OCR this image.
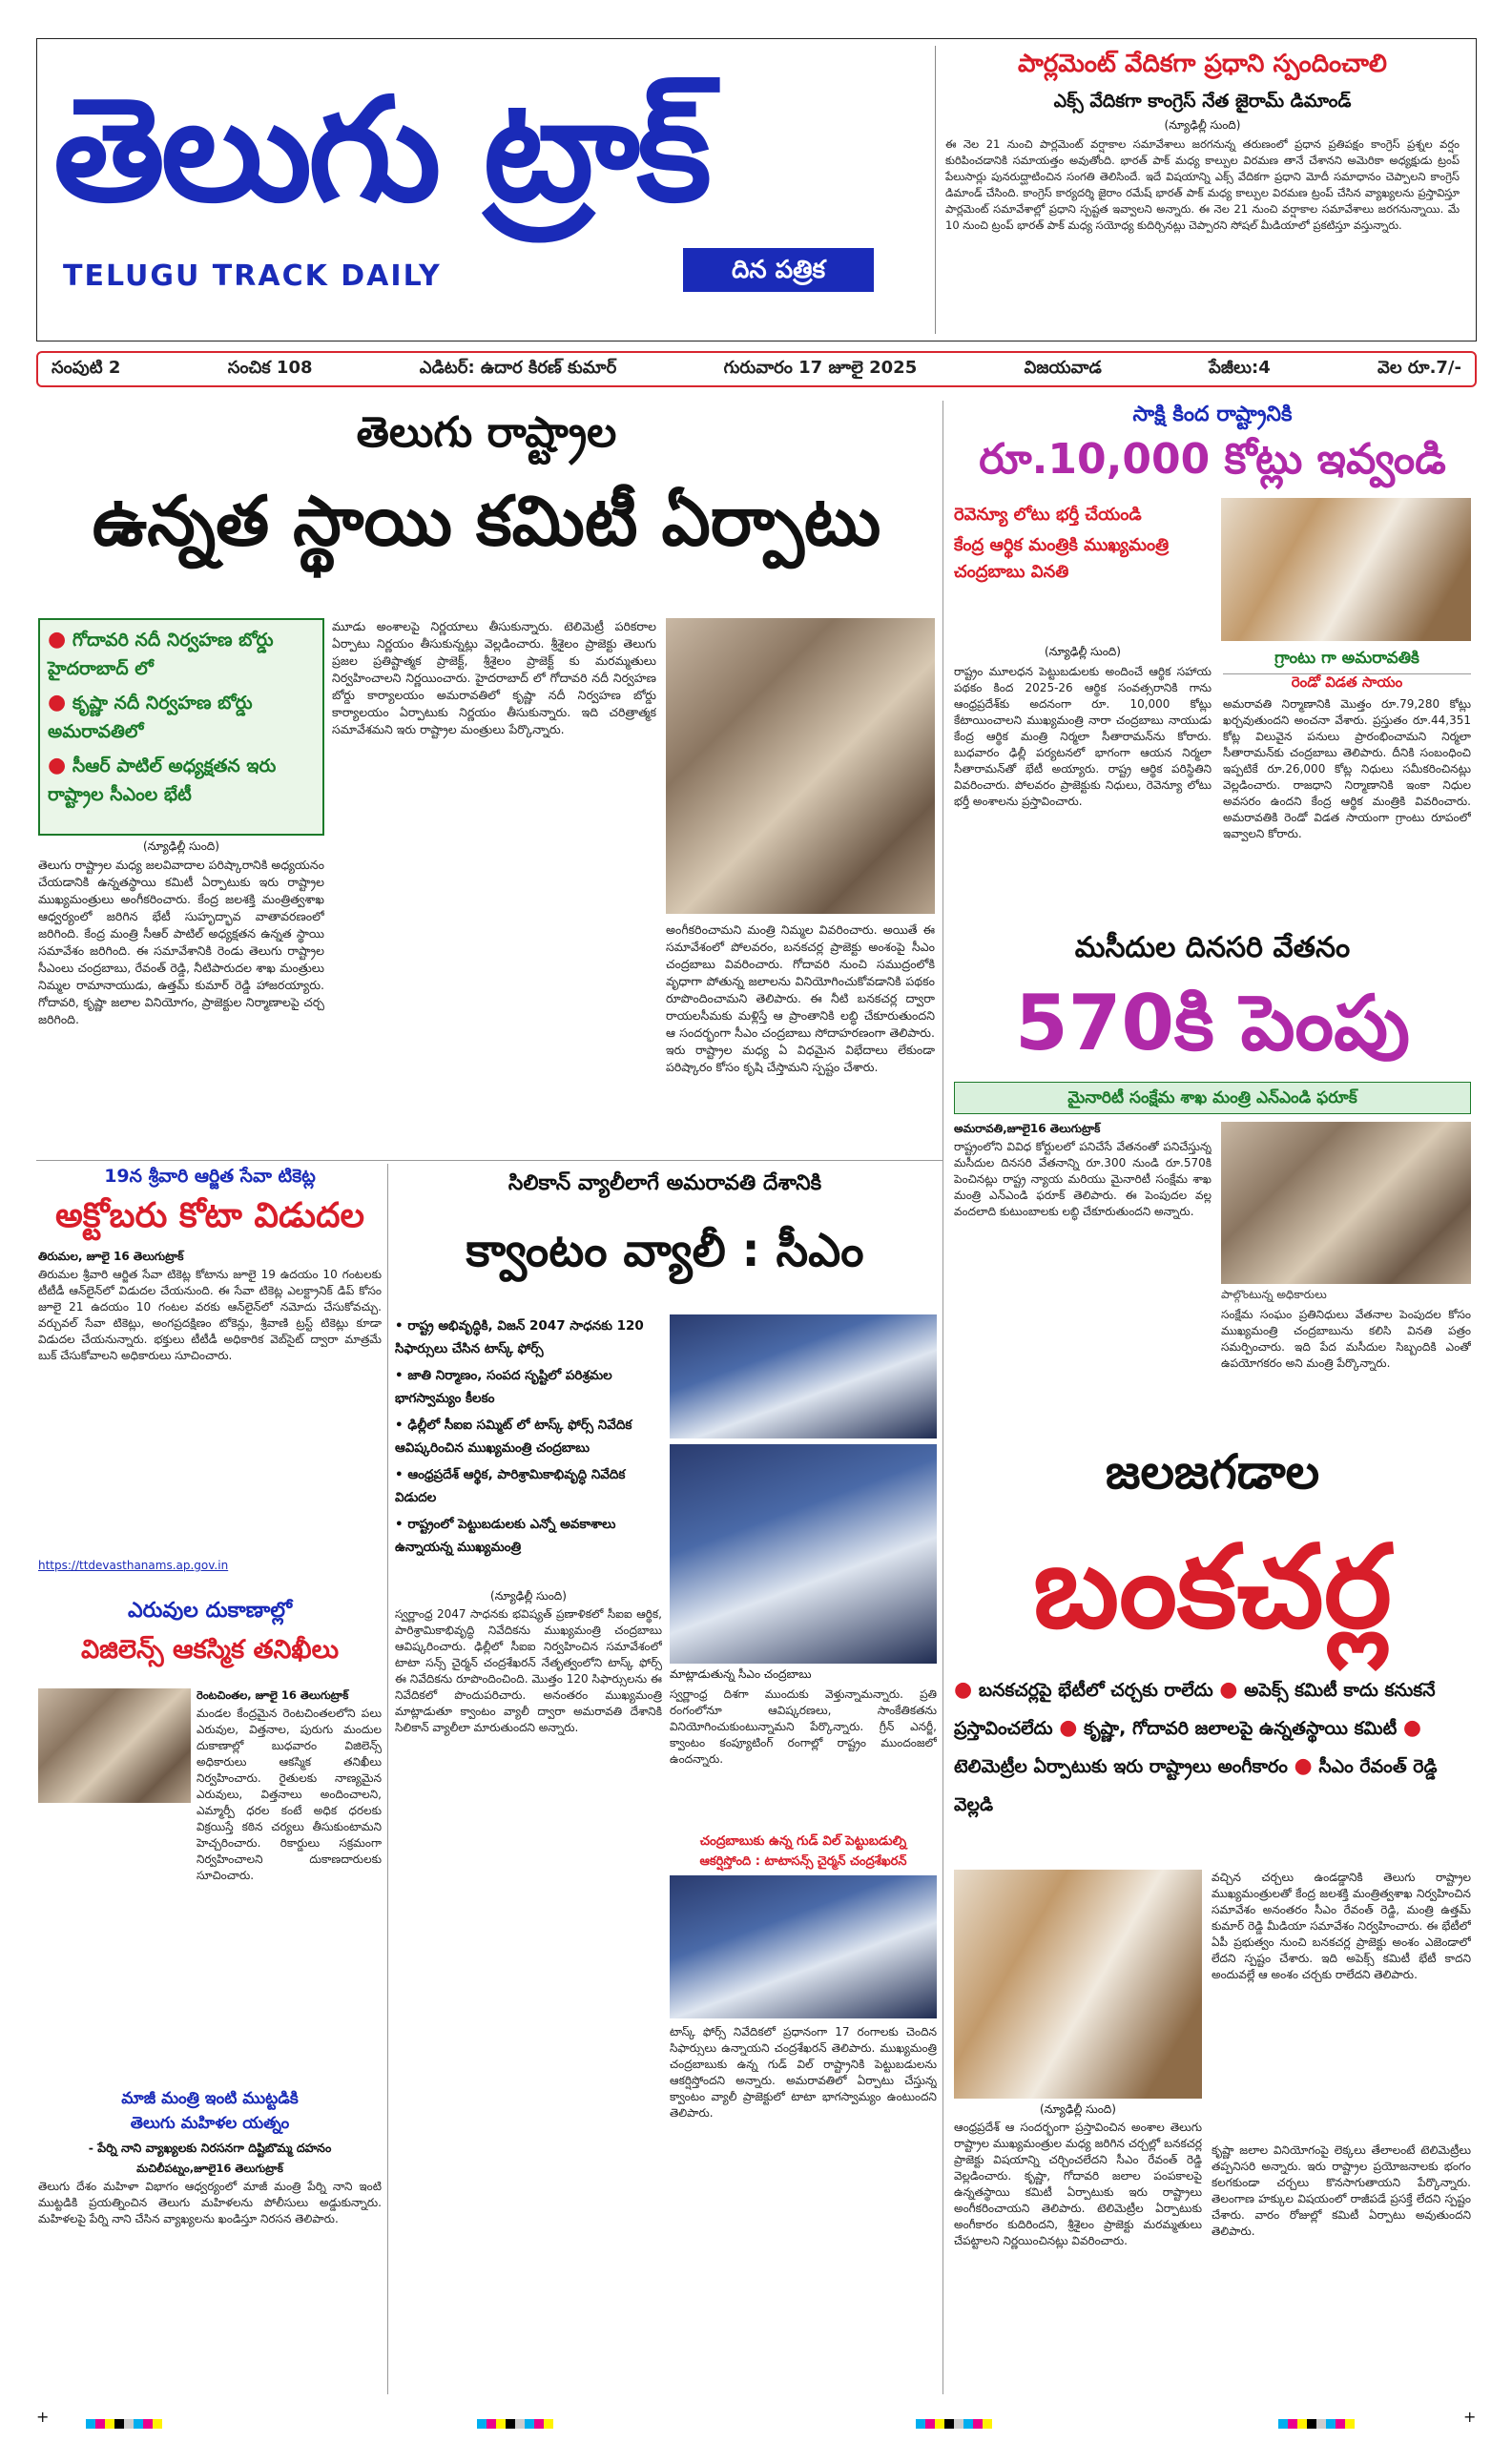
తెలుగు ట్రాక్
TELUGU TRACK DAILY	దిన పత్రిక
పార్లమెంట్ వేదికగా ప్రధాని స్పందించాలి
ఎక్స్ వేదికగా కాంగ్రెస్ నేత జైరామ్ డిమాండ్
(న్యూఢిల్లీ సుంది)
ఈ నెల 21 నుంచి పార్లమెంట్ వర్షాకాల సమావేశాలు జరగనున్న తరుణంలో ప్రధాన ప్రతిపక్షం కాంగ్రెస్ ప్రశ్నల వర్షం కురిపించడానికి సమాయత్తం అవుతోంది. భారత్ పాక్ మధ్య కాల్పుల విరమణ తానే చేశానని అమెరికా అధ్యక్షుడు ట్రంప్ పేలుసార్లు పునరుద్ఘాటించిన సంగతి తెలిసిందే. ఇదే విషయాన్ని ఎక్స్ వేదికగా ప్రధాని మోదీ సమాధానం చెప్పాలని కాంగ్రెస్ డిమాండ్ చేసింది. కాంగ్రెస్ కార్యదర్శి జైరాం రమేష్ భారత్ పాక్ మధ్య కాల్పుల విరమణ ట్రంప్ చేసిన వ్యాఖ్యలను ప్రస్తావిస్తూ పార్లమెంట్ సమావేశాల్లో ప్రధాని స్పష్టత ఇవ్వాలని అన్నారు. ఈ నెల 21 నుంచి వర్షాకాల సమావేశాలు జరగనున్నాయి. మే 10 నుంచి ట్రంప్ భారత్ పాక్ మధ్య సయోధ్య కుదిర్చినట్లు చెప్పారని సోషల్ మీడియాలో ప్రకటిస్తూ వస్తున్నారు.
సంపుటి 2	సంచిక 108	ఎడిటర్: ఉదార కిరణ్ కుమార్	గురువారం 17 జూలై 2025	విజయవాడ	పేజీలు:4	వెల రూ.7/-
తెలుగు రాష్ట్రాల
ఉన్నత స్థాయి కమిటీ ఏర్పాటు
● గోదావరి నదీ నిర్వహణ బోర్డు హైదరాబాద్ లో
● కృష్ణా నదీ నిర్వహణ బోర్డు అమరావతిలో
● సీఆర్ పాటిల్ అధ్యక్షతన ఇరు రాష్ట్రాల సీఎంల భేటీ
(న్యూఢిల్లీ సుంది)
తెలుగు రాష్ట్రాల మధ్య జలవివాదాల పరిష్కారానికి అధ్యయనం చేయడానికి ఉన్నతస్థాయి కమిటీ ఏర్పాటుకు ఇరు రాష్ట్రాల ముఖ్యమంత్రులు అంగీకరించారు. కేంద్ర జలశక్తి మంత్రిత్వశాఖ ఆధ్వర్యంలో జరిగిన భేటీ సుహృద్భావ వాతావరణంలో జరిగింది. కేంద్ర మంత్రి సీఆర్ పాటిల్ అధ్యక్షతన ఉన్నత స్థాయి సమావేశం జరిగింది. ఈ సమావేశానికి రెండు తెలుగు రాష్ట్రాల సీఎంలు చంద్రబాబు, రేవంత్ రెడ్డి, నీటిపారుదల శాఖ మంత్రులు నిమ్మల రామానాయుడు, ఉత్తమ్ కుమార్ రెడ్డి హాజరయ్యారు. గోదావరి, కృష్ణా జలాల వినియోగం, ప్రాజెక్టుల నిర్మాణాలపై చర్చ జరిగింది.
మూడు అంశాలపై నిర్ణయాలు తీసుకున్నారు. టెలిమెట్రీ పరికరాల ఏర్పాటు నిర్ణయం తీసుకున్నట్లు వెల్లడించారు. శ్రీశైలం ప్రాజెక్టు తెలుగు ప్రజల ప్రతిష్టాత్మక ప్రాజెక్ట్, శ్రీశైలం ప్రాజెక్ట్ కు మరమ్మతులు నిర్వహించాలని నిర్ణయించారు. హైదరాబాద్ లో గోదావరి నదీ నిర్వహణ బోర్డు కార్యాలయం అమరావతిలో కృష్ణా నదీ నిర్వహణ బోర్డు కార్యాలయం ఏర్పాటుకు నిర్ణయం తీసుకున్నారు. ఇది చరిత్రాత్మక సమావేశమని ఇరు రాష్ట్రాల మంత్రులు పేర్కొన్నారు.
అంగీకరించామని మంత్రి నిమ్మల వివరించారు. అయితే ఈ సమావేశంలో పోలవరం, బనకచర్ల ప్రాజెక్టు అంశంపై సీఎం చంద్రబాబు వివరించారు. గోదావరి నుంచి సముద్రంలోకి వృధాగా పోతున్న జలాలను వినియోగించుకోవడానికి పథకం రూపొందించామని తెలిపారు. ఈ నీటి బనకచర్ల ద్వారా రాయలసీమకు మళ్లిస్తే ఆ ప్రాంతానికి లబ్ధి చేకూరుతుందని ఆ సందర్భంగా సీఎం చంద్రబాబు సోదాహరణంగా తెలిపారు. ఇరు రాష్ట్రాల మధ్య ఏ విధమైన విభేదాలు లేకుండా పరిష్కారం కోసం కృషి చేస్తామని స్పష్టం చేశారు.
సాక్షి కింద రాష్ట్రానికి
రూ.10,000 కోట్లు ఇవ్వండి
రెవెన్యూ లోటు భర్తీ చేయండి
కేంద్ర ఆర్థిక మంత్రికి ముఖ్యమంత్రి చంద్రబాబు వినతి
(న్యూఢిల్లీ సుంది)
రాష్ట్రం మూలధన పెట్టుబడులకు అందించే ఆర్థిక సహాయ పథకం కింద 2025-26 ఆర్థిక సంవత్సరానికి గాను ఆంధ్రప్రదేశ్‌కు అదనంగా రూ. 10,000 కోట్లు కేటాయించాలని ముఖ్యమంత్రి నారా చంద్రబాబు నాయుడు కేంద్ర ఆర్థిక మంత్రి నిర్మలా సీతారామన్‌ను కోరారు. బుధవారం ఢిల్లీ పర్యటనలో భాగంగా ఆయన నిర్మలా సీతారామన్‌తో భేటీ అయ్యారు. రాష్ట్ర ఆర్థిక పరిస్థితిని వివరించారు. పోలవరం ప్రాజెక్టుకు నిధులు, రెవెన్యూ లోటు భర్తీ అంశాలను ప్రస్తావించారు.
గ్రాంటు గా అమరావతికి
రెండో విడత సాయం
అమరావతి నిర్మాణానికి మొత్తం రూ.79,280 కోట్లు ఖర్చవుతుందని అంచనా వేశారు. ప్రస్తుతం రూ.44,351 కోట్ల విలువైన పనులు ప్రారంభించామని నిర్మలా సీతారామన్‌కు చంద్రబాబు తెలిపారు. దీనికి సంబంధించి ఇప్పటికే రూ.26,000 కోట్ల నిధులు సమీకరించినట్లు వెల్లడించారు. రాజధాని నిర్మాణానికి ఇంకా నిధుల అవసరం ఉందని కేంద్ర ఆర్థిక మంత్రికి వివరించారు. అమరావతికి రెండో విడత సాయంగా గ్రాంటు రూపంలో ఇవ్వాలని కోరారు.
మసీదుల దినసరి వేతనం
570కి పెంపు
మైనారిటీ సంక్షేమ శాఖ మంత్రి ఎన్ఎండి ఫరూక్
అమరావతి,జూలై16 తెలుగుట్రాక్
రాష్ట్రంలోని వివిధ కోర్టులలో పనిచేసే వేతనంతో పనిచేస్తున్న మసీదుల దినసరి వేతనాన్ని రూ.300 నుండి రూ.570కి పెంచినట్లు రాష్ట్ర న్యాయ మరియు మైనారిటీ సంక్షేమ శాఖ మంత్రి ఎన్ఎండి ఫరూక్ తెలిపారు. ఈ పెంపుదల వల్ల వందలాది కుటుంబాలకు లబ్ధి చేకూరుతుందని అన్నారు.
పాల్గొంటున్న అధికారులు
సంక్షేమ సంఘం ప్రతినిధులు వేతనాల పెంపుదల కోసం ముఖ్యమంత్రి చంద్రబాబును కలిసి వినతి పత్రం సమర్పించారు. ఇది పేద మసీదుల సిబ్బందికి ఎంతో ఉపయోగకరం అని మంత్రి పేర్కొన్నారు.
జలజగడాల
బంకచర్ల
● బనకచర్లపై భేటీలో చర్చకు రాలేదు ● అపెక్స్ కమిటీ కాదు కనుకనే ప్రస్తావించలేదు ● కృష్ణా, గోదావరి జలాలపై ఉన్నతస్థాయి కమిటీ ● టెలిమెట్రీల ఏర్పాటుకు ఇరు రాష్ట్రాలు అంగీకారం ● సీఎం రేవంత్ రెడ్డి వెల్లడి
వచ్చిన చర్చలు ఉండడ్డానికి తెలుగు రాష్ట్రాల ముఖ్యమంత్రులతో కేంద్ర జలశక్తి మంత్రిత్వశాఖ నిర్వహించిన సమావేశం అనంతరం సీఎం రేవంత్ రెడ్డి, మంత్రి ఉత్తమ్ కుమార్ రెడ్డి మీడియా సమావేశం నిర్వహించారు. ఈ భేటీలో ఏపీ ప్రభుత్వం నుంచి బనకచర్ల ప్రాజెక్టు అంశం ఎజెండాలో లేదని స్పష్టం చేశారు. ఇది అపెక్స్ కమిటీ భేటీ కాదని అందువల్లే ఆ అంశం చర్చకు రాలేదని తెలిపారు.
(న్యూఢిల్లీ సుంది)
ఆంధ్రప్రదేశ్ ఆ సందర్భంగా ప్రస్తావించిన అంశాల తెలుగు రాష్ట్రాల ముఖ్యమంత్రుల మధ్య జరిగిన చర్చల్లో బనకచర్ల ప్రాజెక్టు విషయాన్ని చర్చించలేదని సీఎం రేవంత్ రెడ్డి వెల్లడించారు. కృష్ణా, గోదావరి జలాల పంపకాలపై ఉన్నతస్థాయి కమిటీ ఏర్పాటుకు ఇరు రాష్ట్రాలు అంగీకరించాయని తెలిపారు. టెలిమెట్రీల ఏర్పాటుకు అంగీకారం కుదిరిందని, శ్రీశైలం ప్రాజెక్టు మరమ్మతులు చేపట్టాలని నిర్ణయించినట్లు వివరించారు.
కృష్ణా జలాల వినియోగంపై లెక్కలు తేలాలంటే టెలిమెట్రీలు తప్పనిసరి అన్నారు. ఇరు రాష్ట్రాల ప్రయోజనాలకు భంగం కలగకుండా చర్చలు కొనసాగుతాయని పేర్కొన్నారు. తెలంగాణ హక్కుల విషయంలో రాజీపడే ప్రసక్తే లేదని స్పష్టం చేశారు. వారం రోజుల్లో కమిటీ ఏర్పాటు అవుతుందని తెలిపారు.
19న శ్రీవారి ఆర్జిత సేవా టికెట్ల
అక్టోబరు కోటా విడుదల
తిరుమల, జూలై 16 తెలుగుట్రాక్
తిరుమల శ్రీవారి ఆర్జిత సేవా టికెట్ల కోటాను జూలై 19 ఉదయం 10 గంటలకు టీటీడీ ఆన్‌లైన్‌లో విడుదల చేయనుంది. ఈ సేవా టికెట్ల ఎలక్ట్రానిక్ డిప్ కోసం జూలై 21 ఉదయం 10 గంటల వరకు ఆన్‌లైన్‌లో నమోదు చేసుకోవచ్చు. వర్చువల్ సేవా టికెట్లు, అంగప్రదక్షిణం టోకెన్లు, శ్రీవాణి ట్రస్ట్ టికెట్లు కూడా విడుదల చేయనున్నారు. భక్తులు టీటీడీ అధికారిక వెబ్‌సైట్ ద్వారా మాత్రమే బుక్ చేసుకోవాలని అధికారులు సూచించారు.
https://ttdevasthanams.ap.gov.in
ఎరువుల దుకాణాల్లో
విజిలెన్స్ ఆకస్మిక తనిఖీలు
రెంటచింతల, జూలై 16 తెలుగుట్రాక్
మండల కేంద్రమైన రెంటచింతలలోని పలు ఎరువుల, విత్తనాల, పురుగు మందుల దుకాణాల్లో బుధవారం విజిలెన్స్ అధికారులు ఆకస్మిక తనిఖీలు నిర్వహించారు. రైతులకు నాణ్యమైన ఎరువులు, విత్తనాలు అందించాలని, ఎమ్మార్పీ ధరల కంటే అధిక ధరలకు విక్రయిస్తే కఠిన చర్యలు తీసుకుంటామని హెచ్చరించారు. రికార్డులు సక్రమంగా నిర్వహించాలని దుకాణదారులకు సూచించారు.
మాజీ మంత్రి ఇంటి ముట్టడికి
తెలుగు మహిళల యత్నం
- పేర్ని నాని వ్యాఖ్యలకు నిరసనగా దిష్టిబొమ్మ దహనం
మచిలీపట్నం,జూలై16 తెలుగుట్రాక్
తెలుగు దేశం మహిళా విభాగం ఆధ్వర్యంలో మాజీ మంత్రి పేర్ని నాని ఇంటి ముట్టడికి ప్రయత్నించిన తెలుగు మహిళలను పోలీసులు అడ్డుకున్నారు. మహిళలపై పేర్ని నాని చేసిన వ్యాఖ్యలను ఖండిస్తూ నిరసన తెలిపారు.
సిలికాన్ వ్యాలీలాగే అమరావతి దేశానికి
క్వాంటం వ్యాలీ : సీఎం
• రాష్ట్ర అభివృద్ధికి, విజన్ 2047 సాధనకు 120 సిఫార్సులు చేసిన టాస్క్ ఫోర్స్
• జాతి నిర్మాణం, సంపద సృష్టిలో పరిశ్రమల భాగస్వామ్యం కీలకం
• ఢిల్లీలో సీఐఐ సమ్మిట్ లో టాస్క్ ఫోర్స్ నివేదిక ఆవిష్కరించిన ముఖ్యమంత్రి చంద్రబాబు
• ఆంధ్రప్రదేశ్ ఆర్థిక, పారిశ్రామికాభివృద్ధి నివేదిక విడుదల
• రాష్ట్రంలో పెట్టుబడులకు ఎన్నో అవకాశాలు ఉన్నాయన్న ముఖ్యమంత్రి
మాట్లాడుతున్న సీఎం చంద్రబాబు
(న్యూఢిల్లీ సుంది)
స్వర్ణాంధ్ర 2047 సాధనకు భవిష్యత్ ప్రణాళికలో సీఐఐ ఆర్థిక, పారిశ్రామికాభివృద్ధి నివేదికను ముఖ్యమంత్రి చంద్రబాబు ఆవిష్కరించారు. ఢిల్లీలో సీఐఐ నిర్వహించిన సమావేశంలో టాటా సన్స్ చైర్మన్ చంద్రశేఖరన్ నేతృత్వంలోని టాస్క్ ఫోర్స్ ఈ నివేదికను రూపొందించింది. మొత్తం 120 సిఫార్సులను ఈ నివేదికలో పొందుపరిచారు. అనంతరం ముఖ్యమంత్రి మాట్లాడుతూ క్వాంటం వ్యాలీ ద్వారా అమరావతి దేశానికి సిలికాన్ వ్యాలీలా మారుతుందని అన్నారు.
స్వర్ణాంధ్ర దిశగా ముందుకు వెళ్తున్నామన్నారు. ప్రతి రంగంలోనూ ఆవిష్కరణలు, సాంకేతికతను వినియోగించుకుంటున్నామని పేర్కొన్నారు. గ్రీన్ ఎనర్జీ, క్వాంటం కంప్యూటింగ్ రంగాల్లో రాష్ట్రం ముందంజలో ఉందన్నారు.
చంద్రబాబుకు ఉన్న గుడ్ విల్ పెట్టుబడుల్ని
ఆకర్షిస్తోంది : టాటాసన్స్ చైర్మన్ చంద్రశేఖరన్
టాస్క్ ఫోర్స్ నివేదికలో ప్రధానంగా 17 రంగాలకు చెందిన సిఫార్సులు ఉన్నాయని చంద్రశేఖరన్ తెలిపారు. ముఖ్యమంత్రి చంద్రబాబుకు ఉన్న గుడ్ విల్ రాష్ట్రానికి పెట్టుబడులను ఆకర్షిస్తోందని అన్నారు. అమరావతిలో ఏర్పాటు చేస్తున్న క్వాంటం వ్యాలీ ప్రాజెక్టులో టాటా భాగస్వామ్యం ఉంటుందని తెలిపారు.
+	+
